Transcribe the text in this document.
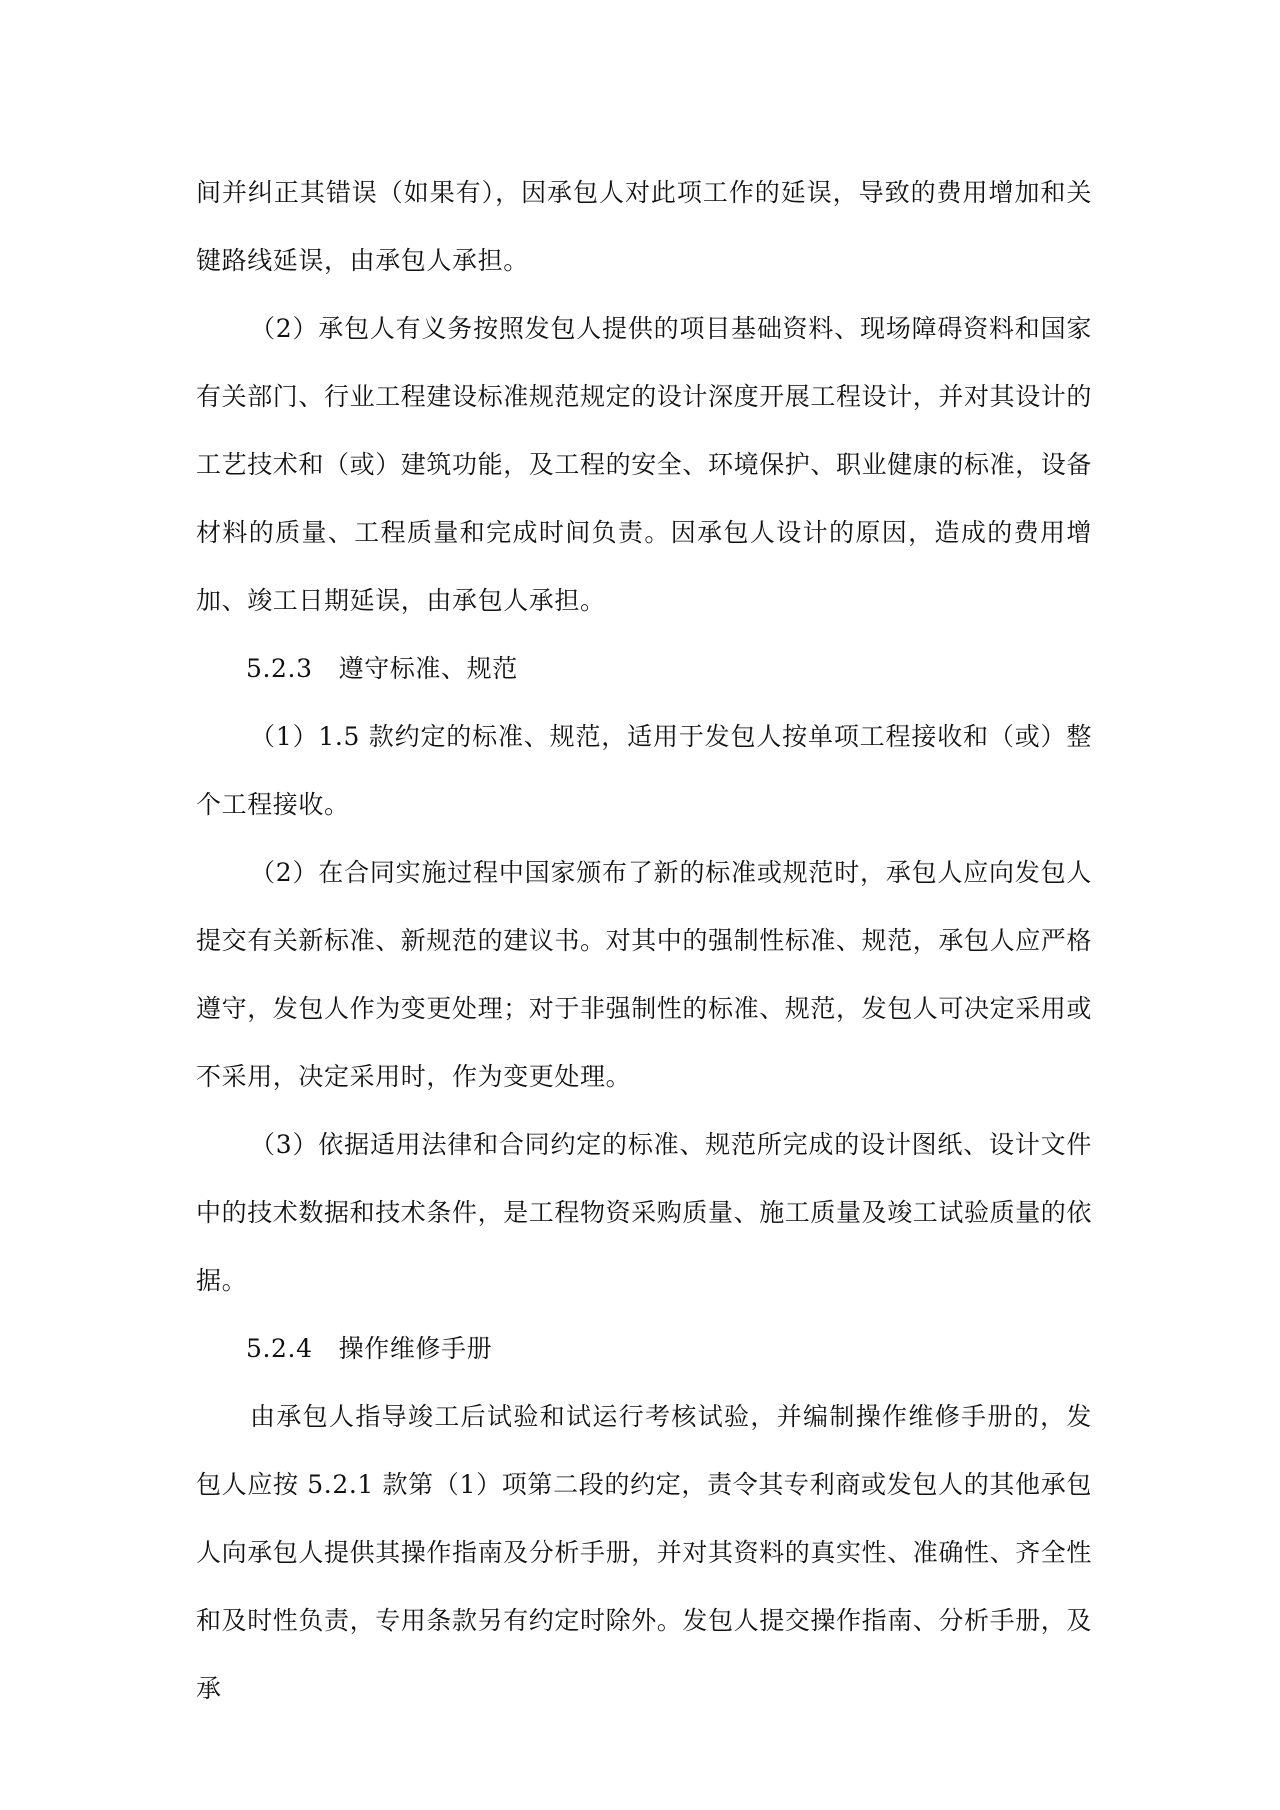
间并纠正其错误（如果有），因承包人对此项工作的延误，导致的费用增加和关键路线延误，由承包人承担。

（2）承包人有义务按照发包人提供的项目基础资料、现场障碍资料和国家有关部门、行业工程建设标准规范规定的设计深度开展工程设计，并对其设计的工艺技术和（或）建筑功能，及工程的安全、环境保护、职业健康的标准，设备材料的质量、工程质量和完成时间负责。因承包人设计的原因，造成的费用增加、竣工日期延误，由承包人承担。

5.2.3 遵守标准、规范

（1）1.5 款约定的标准、规范，适用于发包人按单项工程接收和（或）整个工程接收。

（2）在合同实施过程中国家颁布了新的标准或规范时，承包人应向发包人提交有关新标准、新规范的建议书。对其中的强制性标准、规范，承包人应严格遵守，发包人作为变更处理；对于非强制性的标准、规范，发包人可决定采用或不采用，决定采用时，作为变更处理。

（3）依据适用法律和合同约定的标准、规范所完成的设计图纸、设计文件中的技术数据和技术条件，是工程物资采购质量、施工质量及竣工试验质量的依据。

5.2.4 操作维修手册

由承包人指导竣工后试验和试运行考核试验，并编制操作维修手册的，发包人应按 5.2.1 款第（1）项第二段的约定，责令其专利商或发包人的其他承包人向承包人提供其操作指南及分析手册，并对其资料的真实性、准确性、齐全性和及时性负责，专用条款另有约定时除外。发包人提交操作指南、分析手册，及承
